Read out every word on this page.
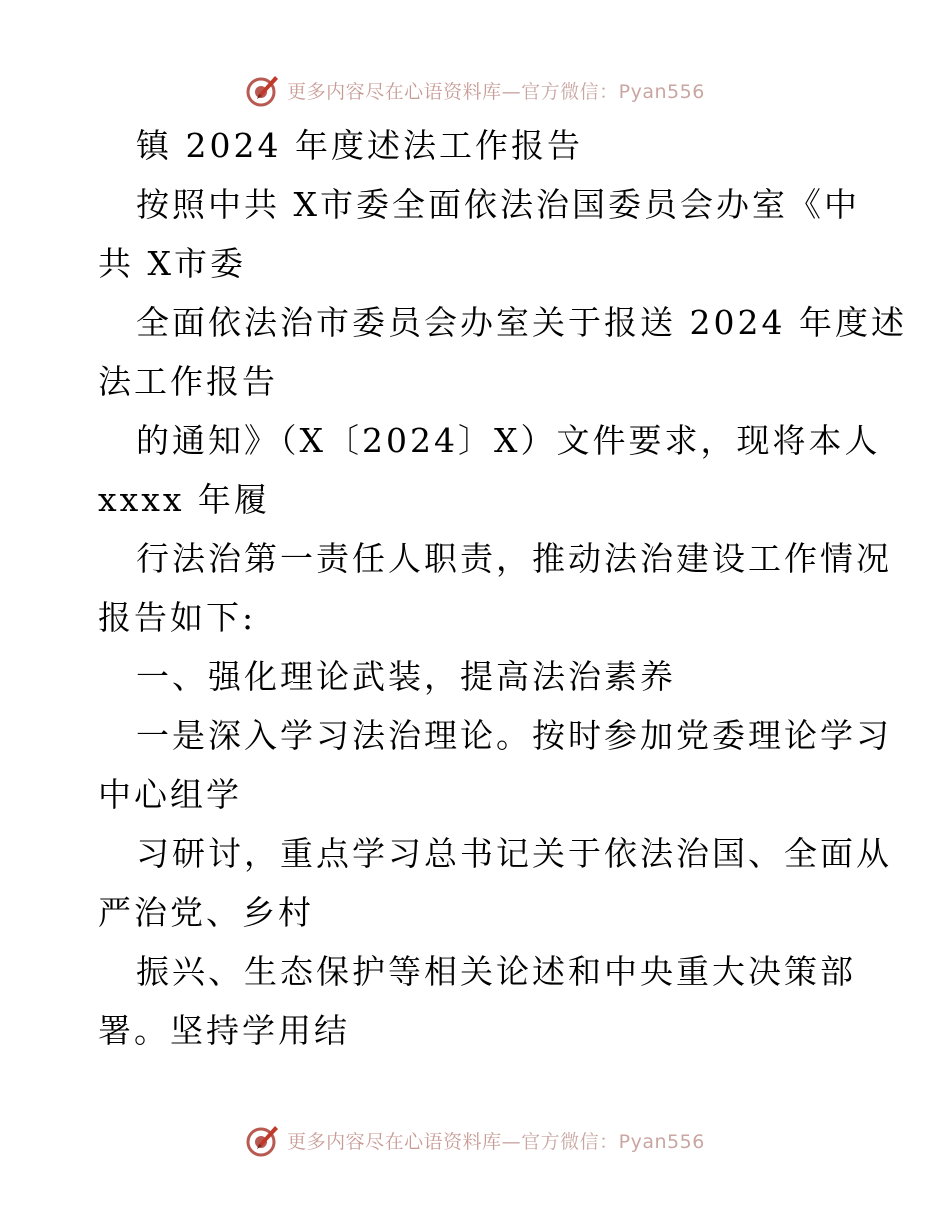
更多内容尽在心语资料库—官方微信：Pyan556
镇 2024 年度述法工作报告
按照中共 X市委全面依法治国委员会办室《中
共 X市委
全面依法治市委员会办室关于报送 2024 年度述
法工作报告
的通知》（X〔2024〕X）文件要求，现将本人
xxxx 年履
行法治第一责任人职责，推动法治建设工作情况
报告如下:
一、强化理论武装，提高法治素养
一是深入学习法治理论。按时参加党委理论学习
中心组学
习研讨，重点学习总书记关于依法治国、全面从
严治党、乡村
振兴、生态保护等相关论述和中央重大决策部
署。坚持学用结
更多内容尽在心语资料库—官方微信：Pyan556
